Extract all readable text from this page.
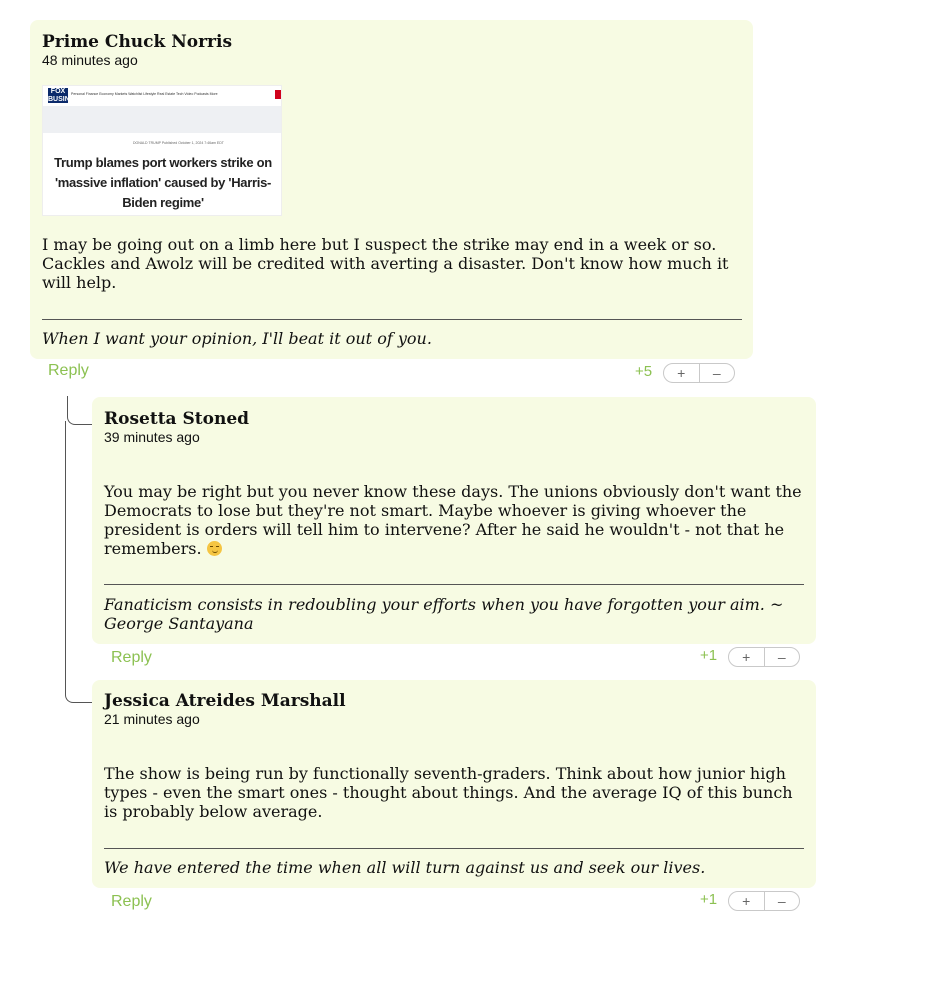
Prime Chuck Norris
48 minutes ago
FOX BUSINESS
Personal Finance Economy Markets Watchlist Lifestyle Real Estate Tech Video Podcasts More
DONALD TRUMP Published October 1, 2024 7:46am EDT
Trump blames port workers strike on 'massive inflation' caused by 'Harris-Biden regime'

I may be going out on a limb here but I suspect the strike may end in a week or so. Cackles and Awolz will be credited with averting a disaster. Don't know how much it will help.

When I want your opinion, I'll beat it out of you.

Reply	+5	+	–
Rosetta Stoned
39 minutes ago

You may be right but you never know these days. The unions obviously don't want the Democrats to lose but they're not smart. Maybe whoever is giving whoever the president is orders will tell him to intervene? After he said he wouldn't - not that he remembers.

Fanaticism consists in redoubling your efforts when you have forgotten your aim. ~ George Santayana

Reply	+1	+	–
Jessica Atreides Marshall
21 minutes ago

The show is being run by functionally seventh-graders. Think about how junior high types - even the smart ones - thought about things. And the average IQ of this bunch is probably below average.

We have entered the time when all will turn against us and seek our lives.

Reply	+1	+	–
